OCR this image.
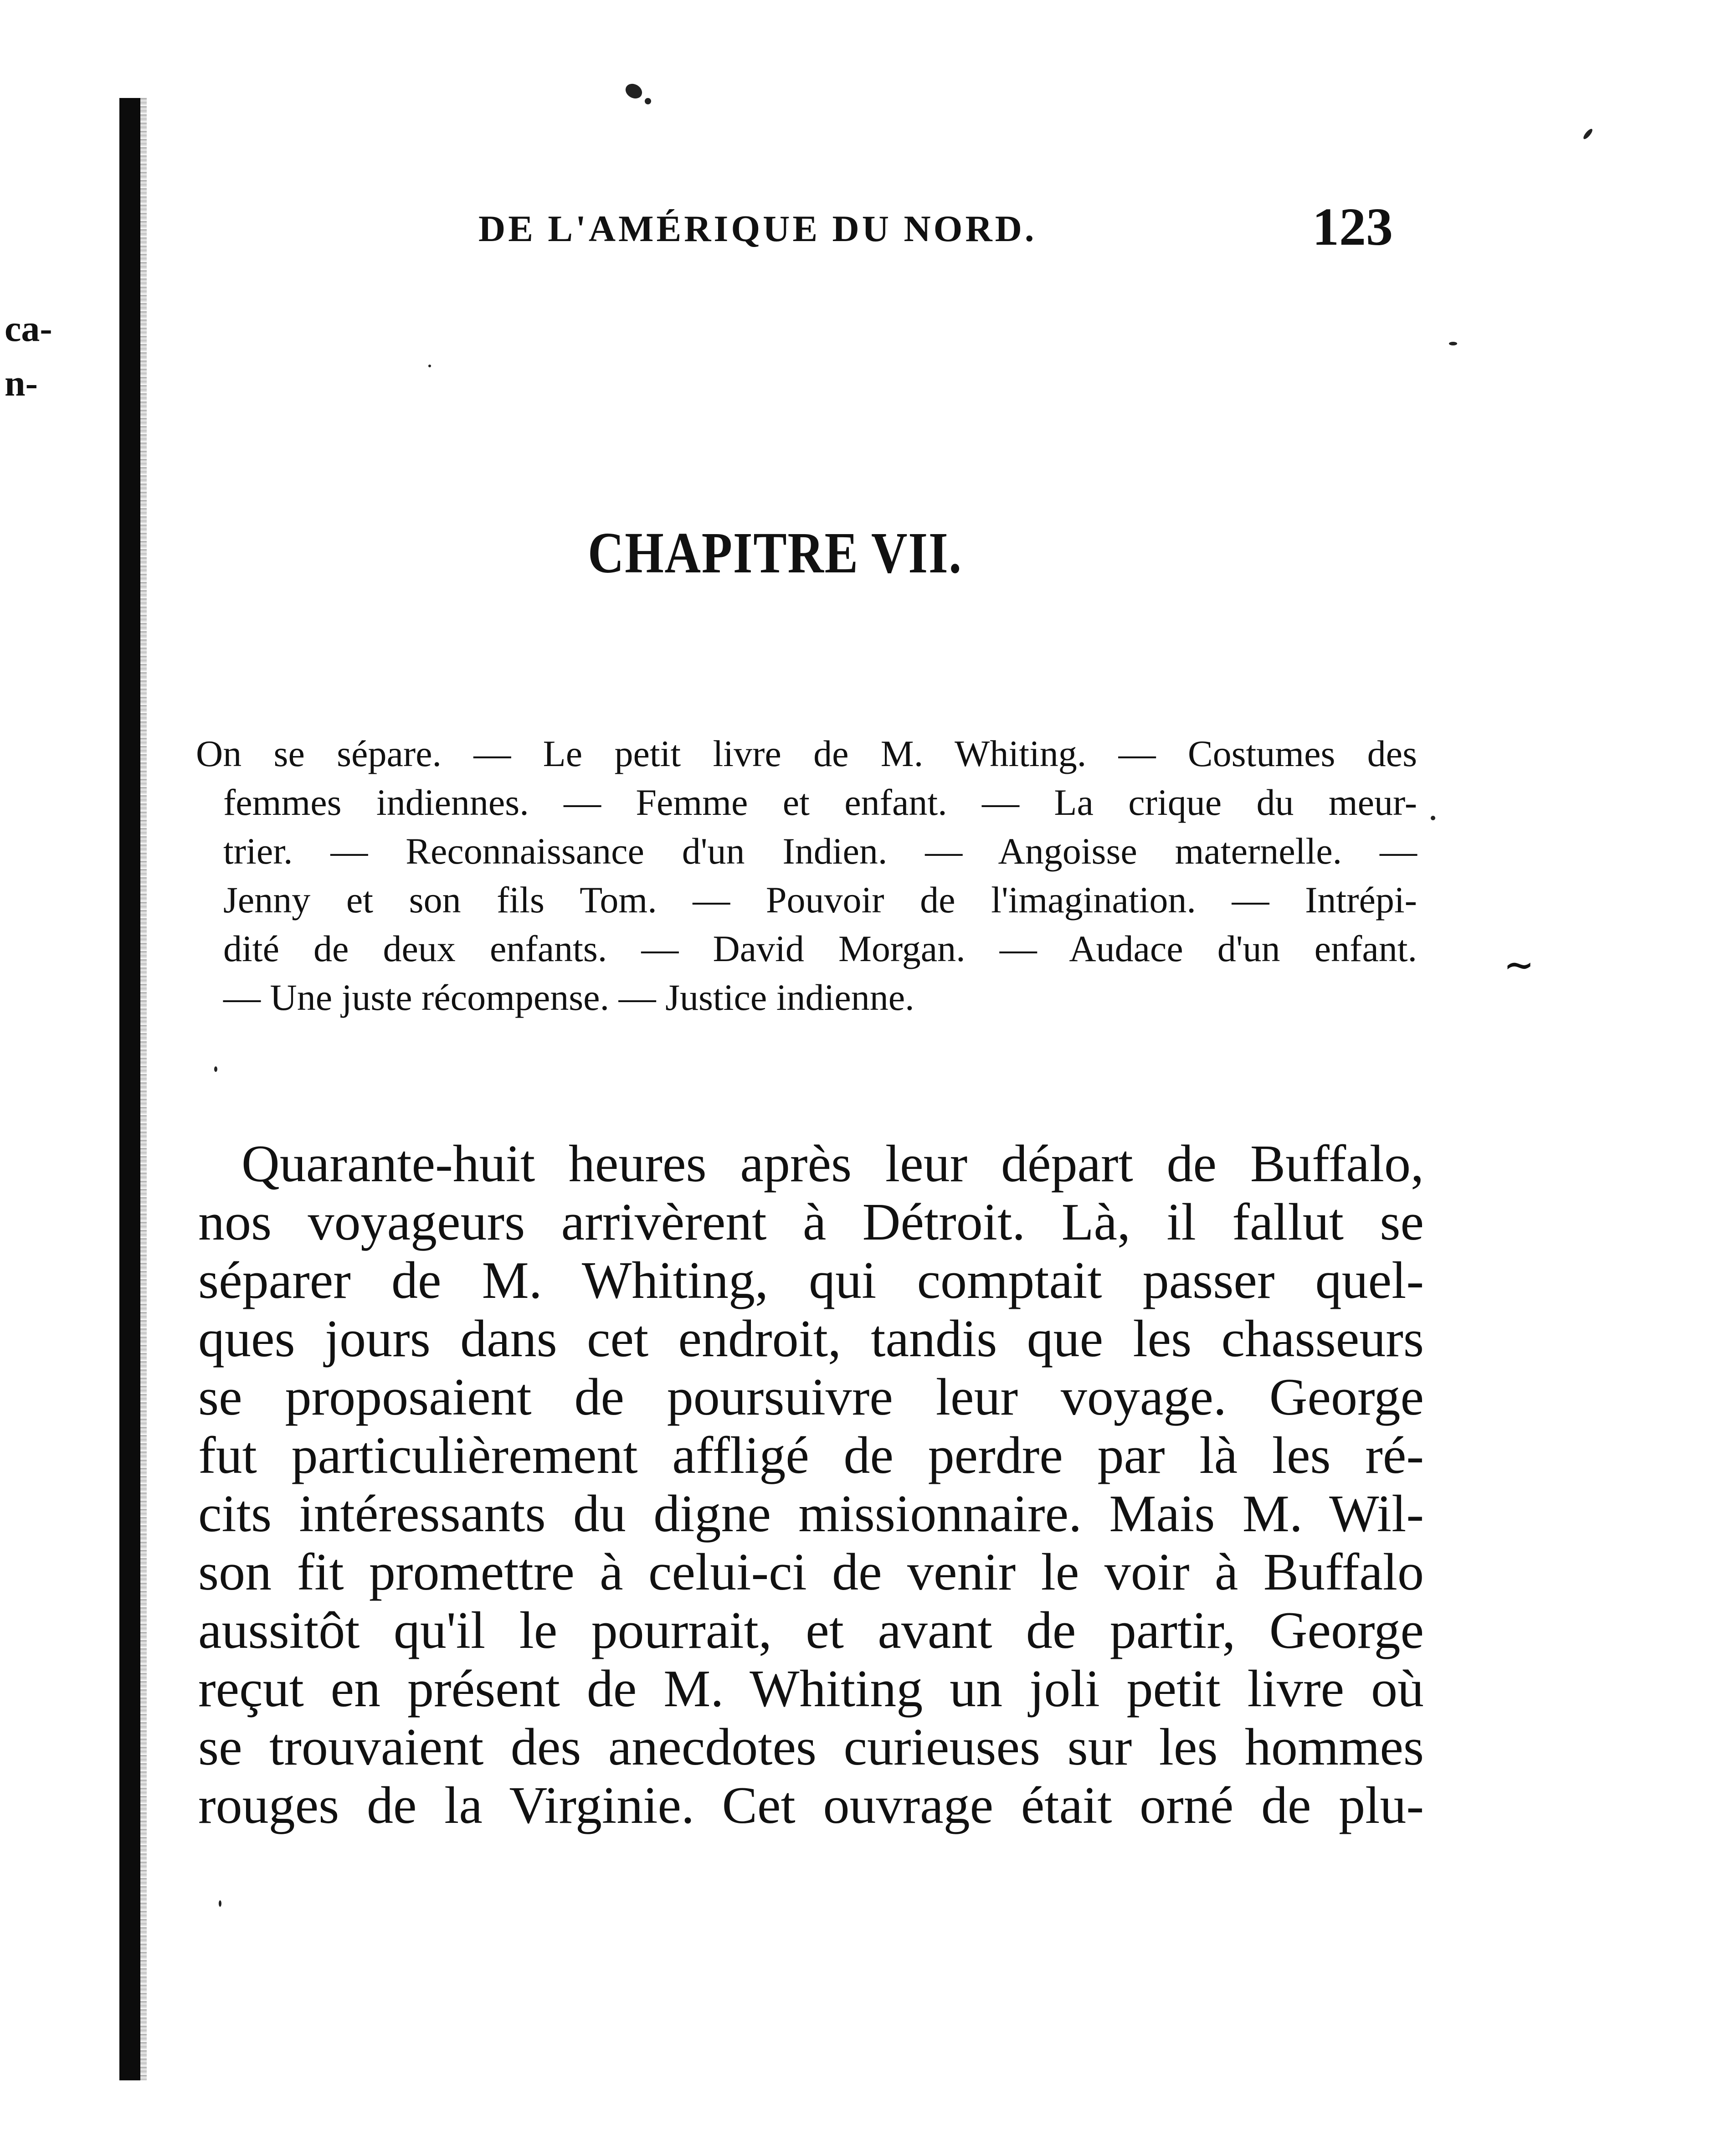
ca-
n-
DE L'AMÉRIQUE DU NORD.	123
CHAPITRE VII.
On se sépare. — Le petit livre de M. Whiting. — Costumes des
femmes indiennes. — Femme et enfant. — La crique du meur-
trier. — Reconnaissance d'un Indien. — Angoisse maternelle. —
Jenny et son fils Tom. — Pouvoir de l'imagination. — Intrépi-
dité de deux enfants. — David Morgan. — Audace d'un enfant.
— Une juste récompense. — Justice indienne.
Quarante-huit heures après leur départ de Buffalo,
nos voyageurs arrivèrent à Détroit. Là, il fallut se
séparer de M. Whiting, qui comptait passer quel-
ques jours dans cet endroit, tandis que les chasseurs
se proposaient de poursuivre leur voyage. George
fut particulièrement affligé de perdre par là les ré-
cits intéressants du digne missionnaire. Mais M. Wil-
son fit promettre à celui-ci de venir le voir à Buffalo
aussitôt qu'il le pourrait, et avant de partir, George
reçut en présent de M. Whiting un joli petit livre où
se trouvaient des anecdotes curieuses sur les hommes
rouges de la Virginie. Cet ouvrage était orné de plu-
∼
